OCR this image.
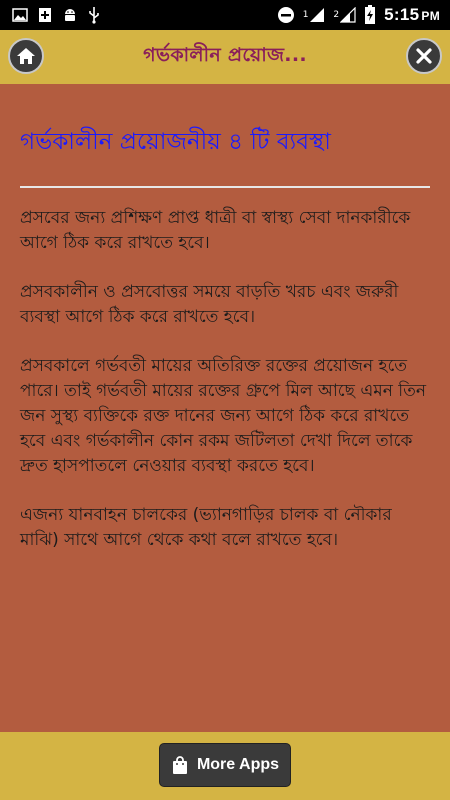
1	2	5:15 PM
গর্ভকালীন প্রয়োজ...
গর্ভকালীন প্রয়োজনীয় ৪ টি ব্যবস্থা

প্রসবের জন্য প্রশিক্ষণ প্রাপ্ত ধাত্রী বা স্বাস্থ্য সেবা দানকারীকে আগে ঠিক করে রাখতে হবে।

প্রসবকালীন ও প্রসবোত্তর সময়ে বাড়তি খরচ এবং জরুরী ব্যবস্থা আগে ঠিক করে রাখতে হবে।

প্রসবকালে গর্ভবতী মায়ের অতিরিক্ত রক্তের প্রয়োজন হতে পারে। তাই গর্ভবতী মায়ের রক্তের গ্রুপে মিল আছে এমন তিন জন সুস্থ্য ব্যক্তিকে রক্ত দানের জন্য আগে ঠিক করে রাখতে হবে এবং গর্ভকালীন কোন রকম জটিলতা দেখা দিলে তাকে দ্রুত হাসপাতলে নেওয়ার ব্যবস্থা করতে হবে।

এজন্য যানবাহন চালকের (ভ্যানগাড়ির চালক বা নৌকার মাঝি) সাথে আগে থেকে কথা বলে রাখতে হবে।

More Apps
